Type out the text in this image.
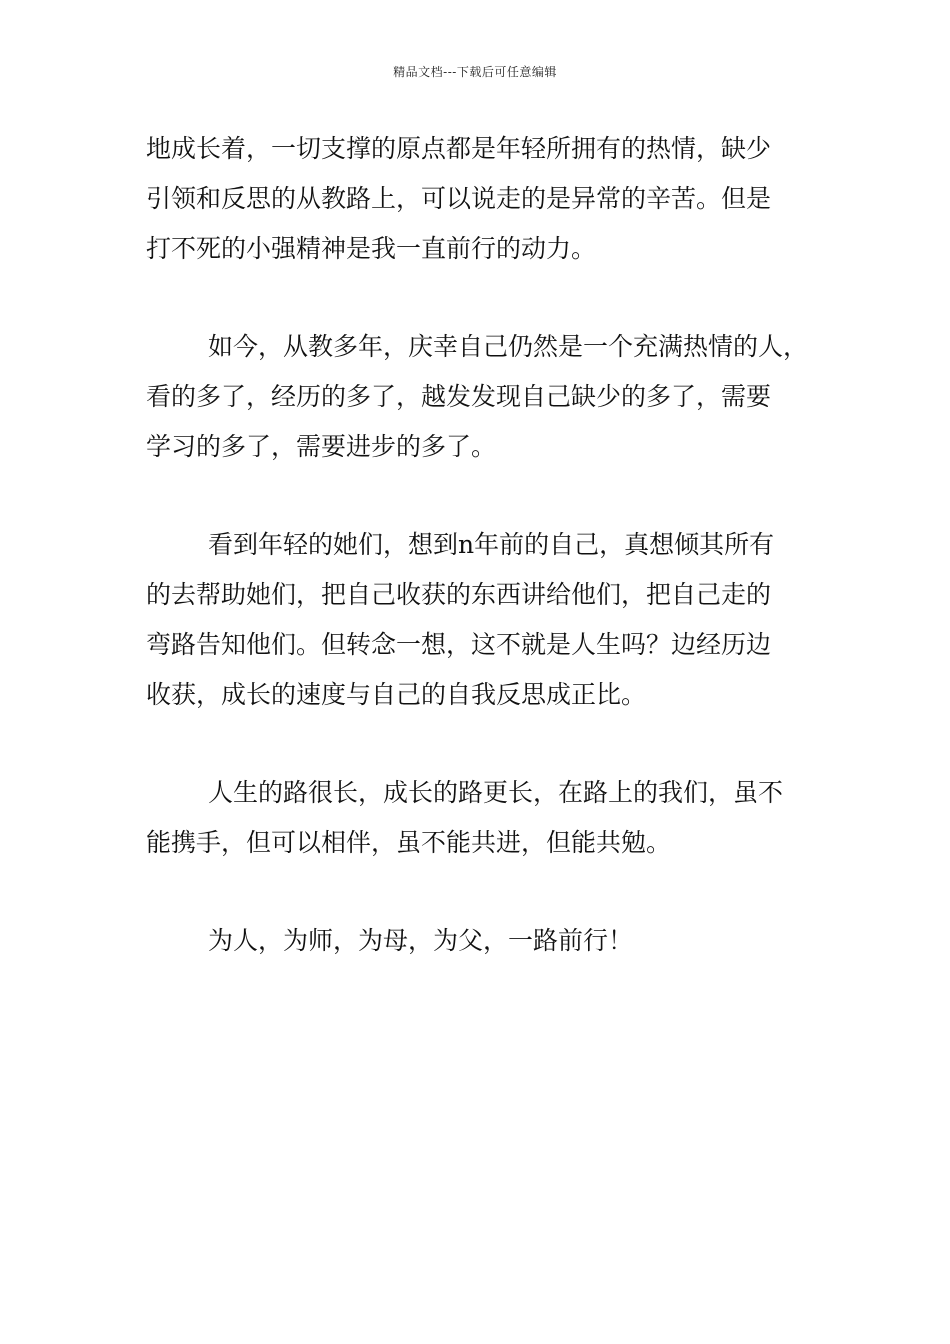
精品文档---下载后可任意编辑
地成长着，一切支撑的原点都是年轻所拥有的热情，缺少
引领和反思的从教路上，可以说走的是异常的辛苦。但是
打不死的小强精神是我一直前行的动力。
如今，从教多年，庆幸自己仍然是一个充满热情的人，
看的多了，经历的多了，越发发现自己缺少的多了，需要
学习的多了，需要进步的多了。
看到年轻的她们，想到n年前的自己，真想倾其所有
的去帮助她们，把自己收获的东西讲给他们，把自己走的
弯路告知他们。但转念一想，这不就是人生吗？边经历边
收获，成长的速度与自己的自我反思成正比。
人生的路很长，成长的路更长，在路上的我们，虽不
能携手，但可以相伴，虽不能共进，但能共勉。
为人，为师，为母，为父，一路前行！
